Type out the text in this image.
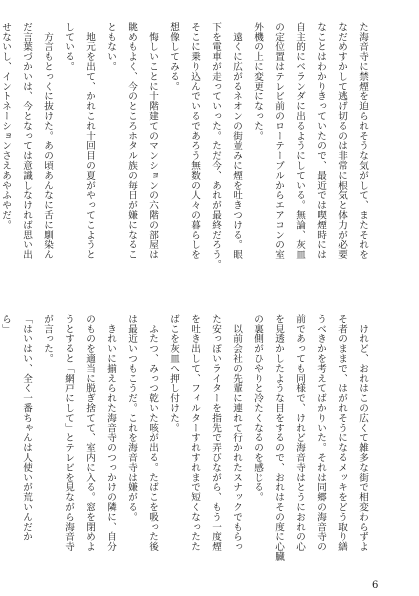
た海音寺に禁煙を迫られそうな気がして、またそれを

なだめすかして逃げ切るのは非常に根気と体力が必要

なことはわかりきっていたので、最近では喫煙時には

自主的にベランダに出るようにしている。無論、灰皿

の定位置はテレビ前のローテーブルからエアコンの室

外機の上に変更になった。

　遠くに広がるネオンの街並みに煙を吐きつける。眼

下を電車が走っていった。ただ今、あれが最終だろう。

そこに乗り込んでいるであろう無数の人々の暮らしを

想像してみる。

　悔しいことに十階建てのマンションの六階の部屋は

眺めもよく、今のところホタル族の毎日が嫌になるこ

ともない。

　地元を出て、かれこれ十回目の夏がやってこようと

している。

　方言もとっくに抜けた。あの頃あんなに舌に馴染ん

だ言葉づかいは、今となっては意識しなければ思い出

せないし、イントネーションさえあやふやだ。

　けれど、おれはこの広くて雑多な街で相変わらずよ

そ者のままで、はがれそうになるメッキをどう取り繕

うべきかを考えてばかりいた。それは同郷の海音寺の

前であっても同様で、けれど海音寺はとうにおれの心

を見透かしたような目をするので、おれはその度に心臓

の裏側がひやりと冷たくなるのを感じる。

　以前会社の先輩に連れて行かれたスナックでもらっ

た安っぽいライターを指先で弄びながら、もう一度煙

を吐き出して、フィルターすれすれまで短くなったた

ばこを灰皿へ押し付けた。

　ふたつ、みっつ乾いた咳が出る。たばこを吸った後

は最近いつもこうだ。これを海音寺は嫌がる。

　きれいに揃えられた海音寺のつっかけの隣に、自分

のものを適当に脱ぎ捨てて、室内に入る。窓を閉めよ

うとすると「網戸にして」とテレビを見ながら海音寺

が言った。

「はいはい、全く一番ちゃんは人使いが荒いんだか

ら」

6
